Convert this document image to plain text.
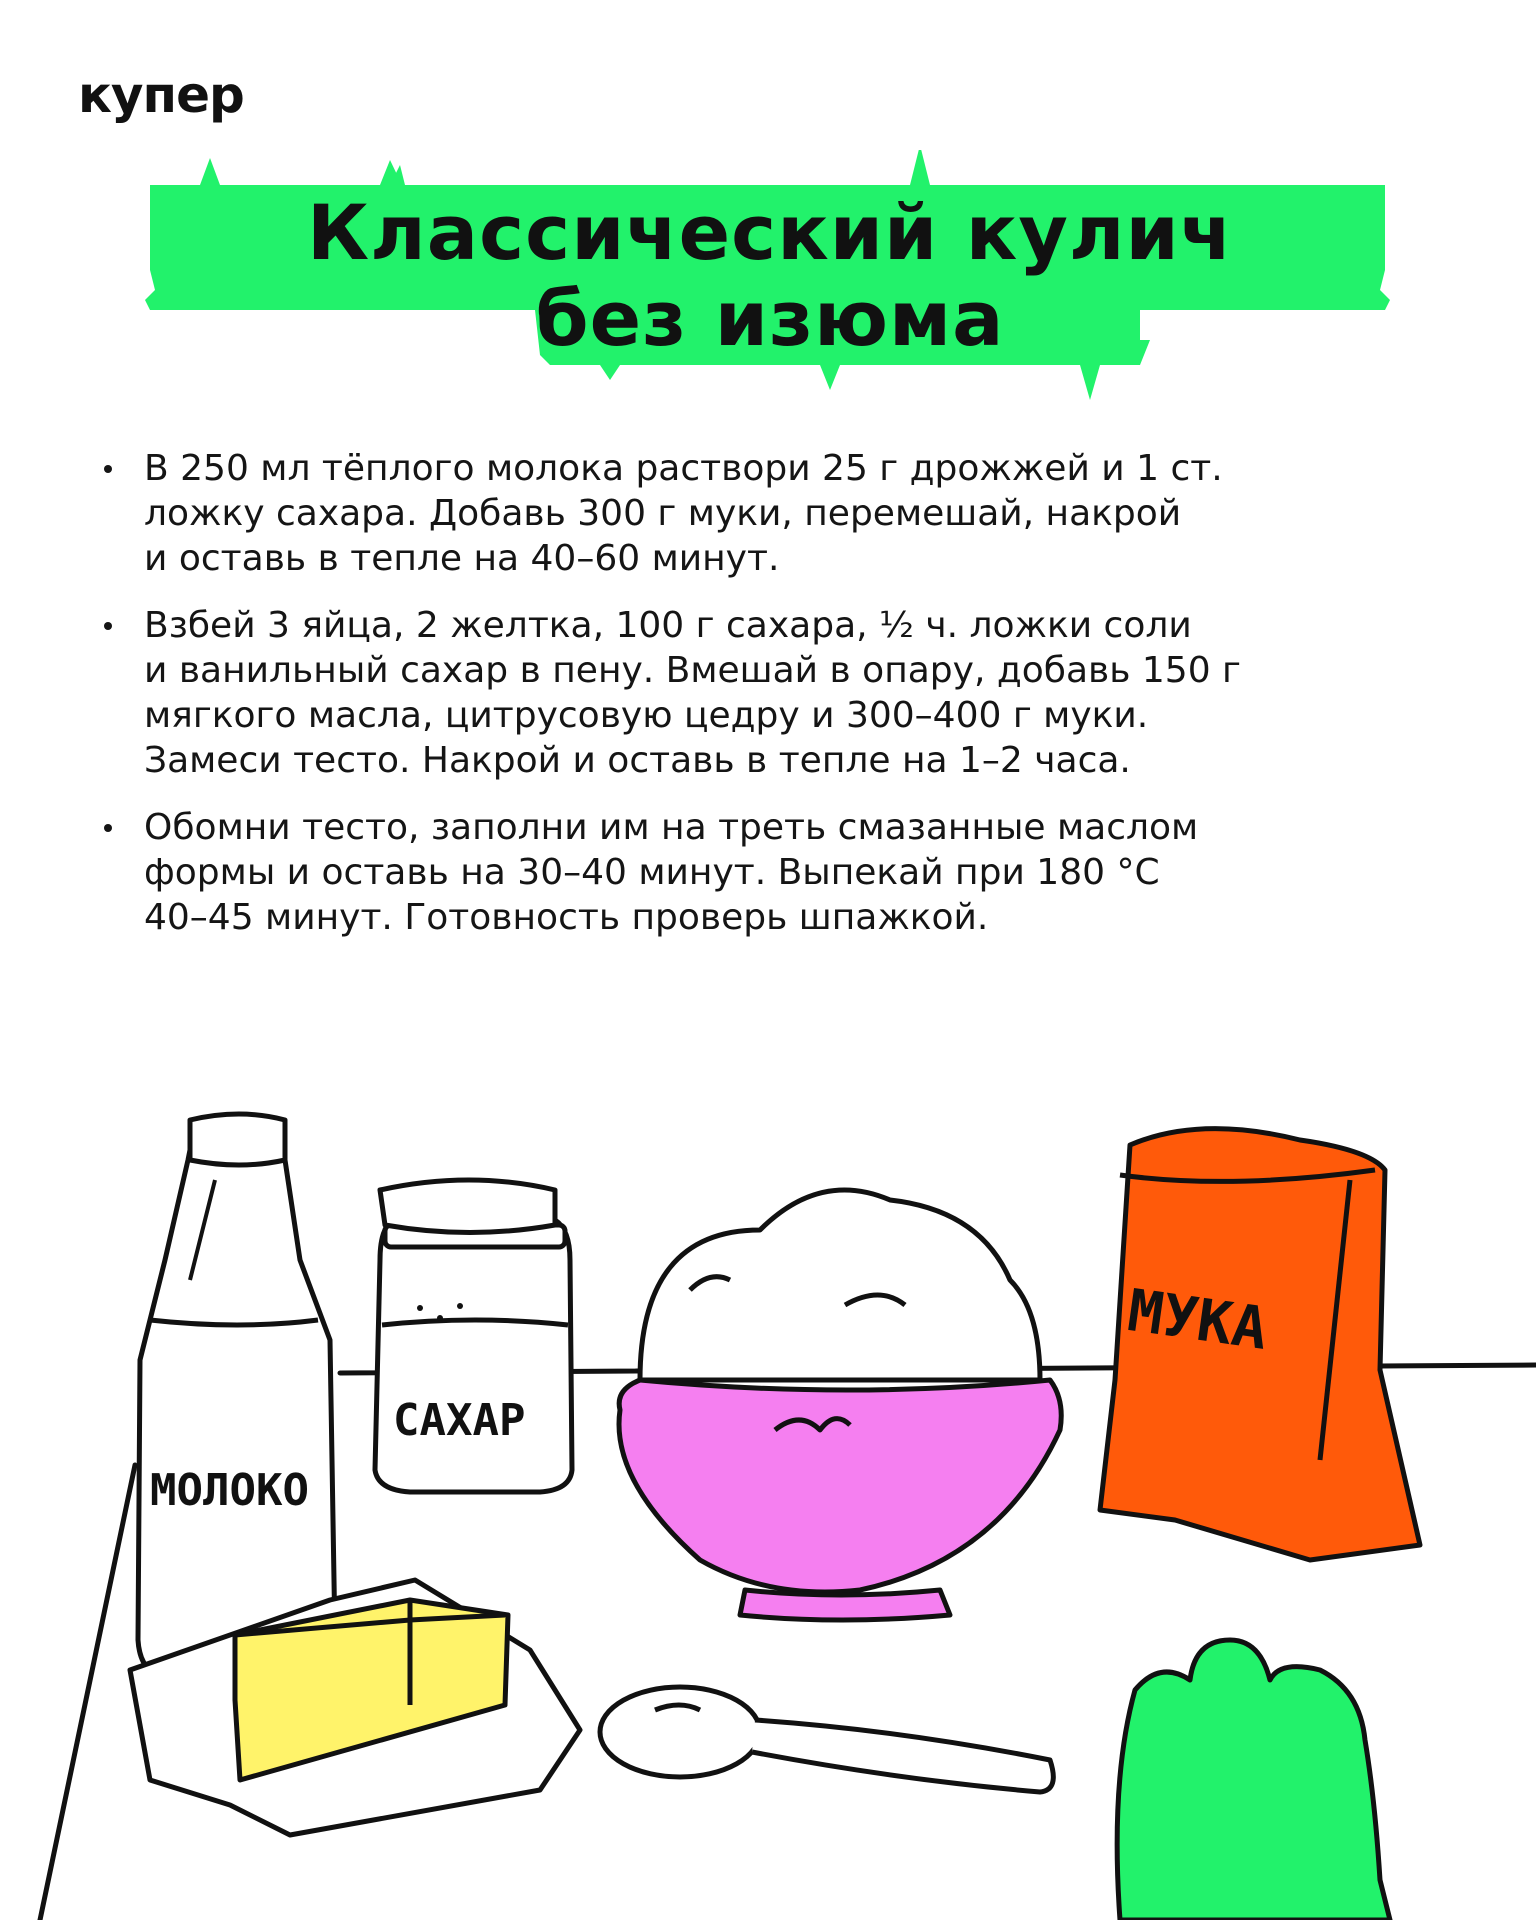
купер
Классический кулич
без изюма
В 250 мл тёплого молока раствори 25 г дрожжей и 1 ст.
ложку сахара. Добавь 300 г муки, перемешай, накрой
и оставь в тепле на 40–60 минут.
Взбей 3 яйца, 2 желтка, 100 г сахара, ½ ч. ложки соли
и ванильный сахар в пену. Вмешай в опару, добавь 150 г
мягкого масла, цитрусовую цедру и 300–400 г муки.
Замеси тесто. Накрой и оставь в тепле на 1–2 часа.
Обомни тесто, заполни им на треть смазанные маслом
формы и оставь на 30–40 минут. Выпекай при 180 °С
40–45 минут. Готовность проверь шпажкой.
МОЛОКО
САХАР
МУКА
